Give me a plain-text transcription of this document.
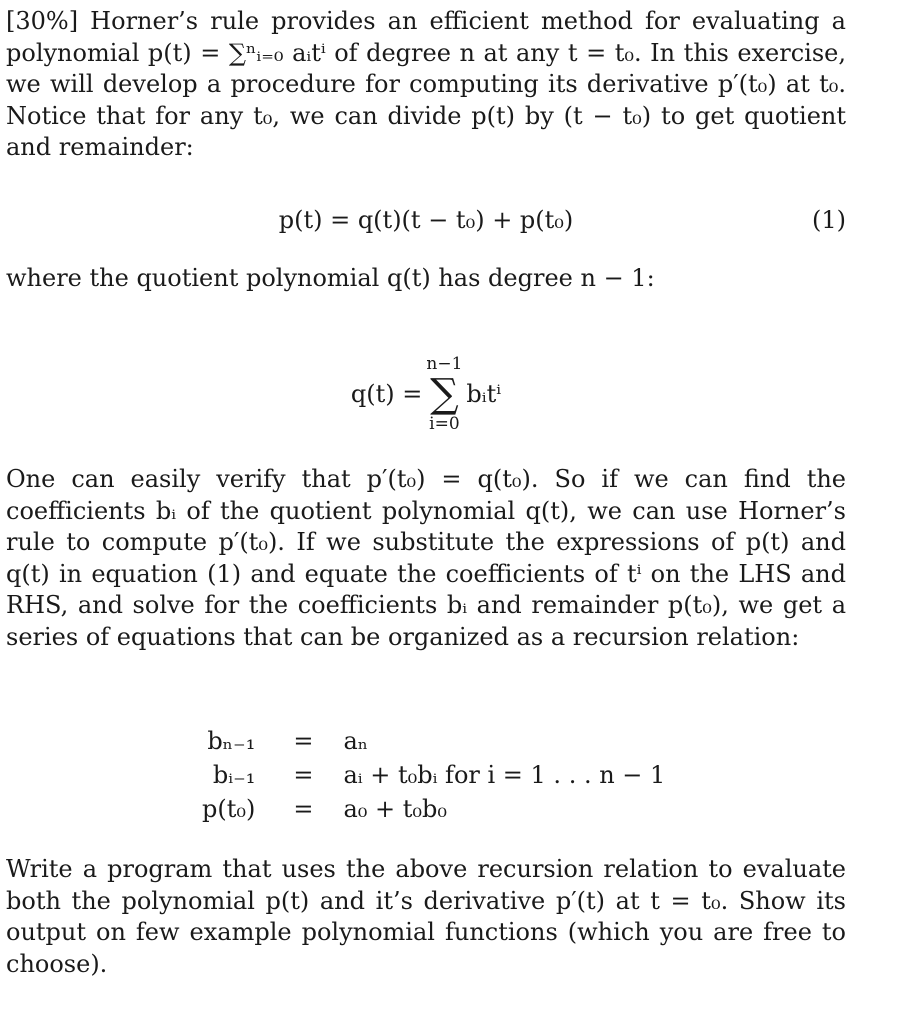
[30%] Horner’s rule provides an efficient method for evaluating a polynomial p(t) = ∑ⁿᵢ₌₀ aᵢtⁱ of degree n at any t = t₀. In this exercise, we will develop a procedure for computing its derivative p′(t₀) at t₀. Notice that for any t₀, we can divide p(t) by (t − t₀) to get quotient and remainder:

p(t) = q(t)(t − t₀) + p(t₀)	(1)

where the quotient polynomial q(t) has degree n − 1:

q(t) =
n−1
∑
i=0
bᵢtⁱ

One can easily verify that p′(t₀) = q(t₀). So if we can find the coefficients bᵢ of the quotient polynomial q(t), we can use Horner’s rule to compute p′(t₀). If we substitute the expressions of p(t) and q(t) in equation (1) and equate the coefficients of tⁱ on the LHS and RHS, and solve for the coefficients bᵢ and remainder p(t₀), we get a series of equations that can be organized as a recursion relation:

bₙ₋₁	=	aₙ
bᵢ₋₁	=	aᵢ + t₀bᵢ for i = 1 . . . n − 1
p(t₀)	=	a₀ + t₀b₀

Write a program that uses the above recursion relation to evaluate both the polynomial p(t) and it’s derivative p′(t) at t = t₀. Show its output on few example polynomial functions (which you are free to choose).
